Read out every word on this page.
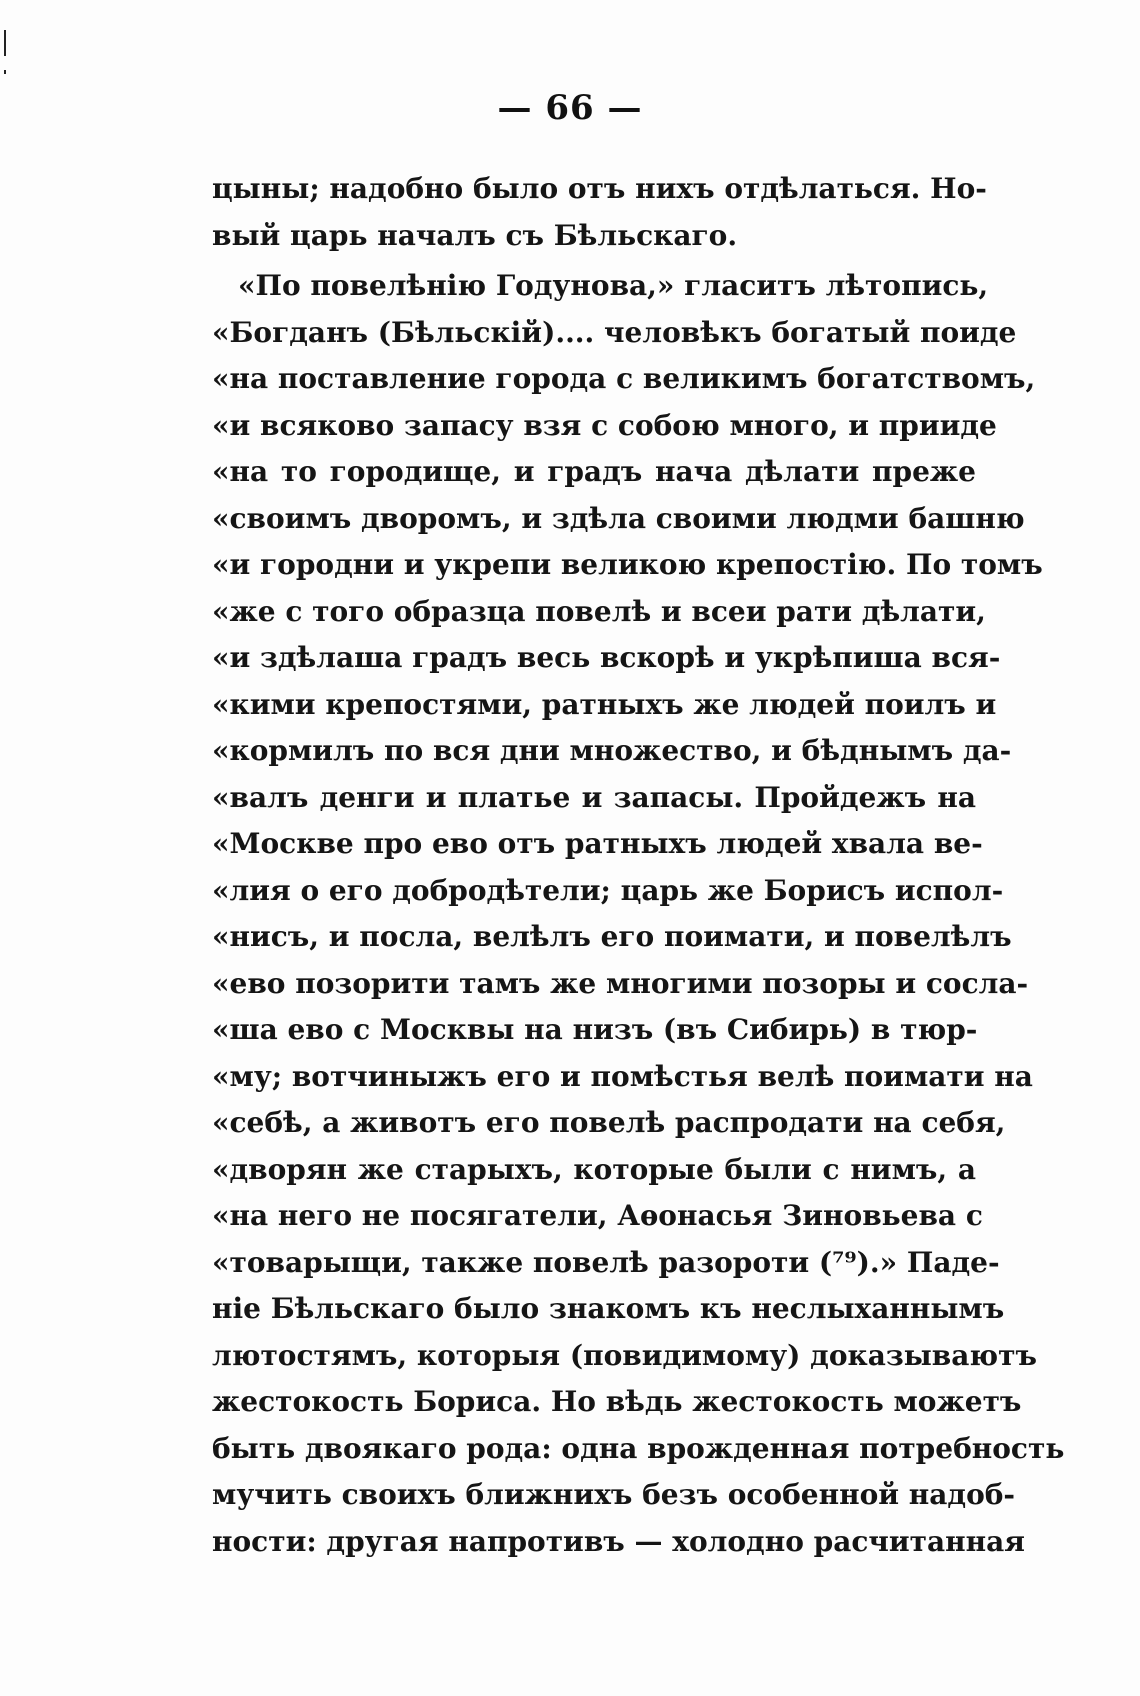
— 66 —
цыны; надобно было отъ нихъ отдѣлаться. Но-
вый царь началъ съ Бѣльскаго.
«По повелѣнію Годунова,» гласитъ лѣтопись,
«Богданъ (Бѣльскій).... человѣкъ богатый поиде
«на поставление города с великимъ богатствомъ,
«и всяково запасу взя с собою много, и прииде
«на то городище, и градъ нача дѣлати преже
«своимъ дворомъ, и здѣла своими людми башню
«и городни и укрепи великою крепостію. По томъ
«же с того образца повелѣ и всеи рати дѣлати,
«и здѣлаша градъ весь вскорѣ и укрѣпиша вся-
«кими крепостями, ратныхъ же людей поилъ и
«кормилъ по вся дни множество, и бѣднымъ да-
«валъ денги и платье и запасы. Пройдежъ на
«Москве про ево отъ ратныхъ людей хвала ве-
«лия о его добродѣтели; царь же Борисъ испол-
«нисъ, и посла, велѣлъ его поимати, и повелѣлъ
«ево позорити тамъ же многими позоры и сосла-
«ша ево с Москвы на низъ (въ Сибирь) в тюр-
«му; вотчиныжъ его и помѣстья велѣ поимати на
«себѣ, а животъ его повелѣ распродати на себя,
«дворян же старыхъ, которые были с нимъ, а
«на него не посягатели, Аѳонасья Зиновьева с
«товарыщи, также повелѣ разороти (⁷⁹).» Паде-
ніе Бѣльскаго было знакомъ къ неслыханнымъ
лютостямъ, которыя (повидимому) доказываютъ
жестокость Бориса. Но вѣдь жестокость можетъ
быть двоякаго рода: одна врожденная потребность
мучить своихъ ближнихъ безъ особенной надоб-
ности: другая напротивъ — холодно расчитанная
